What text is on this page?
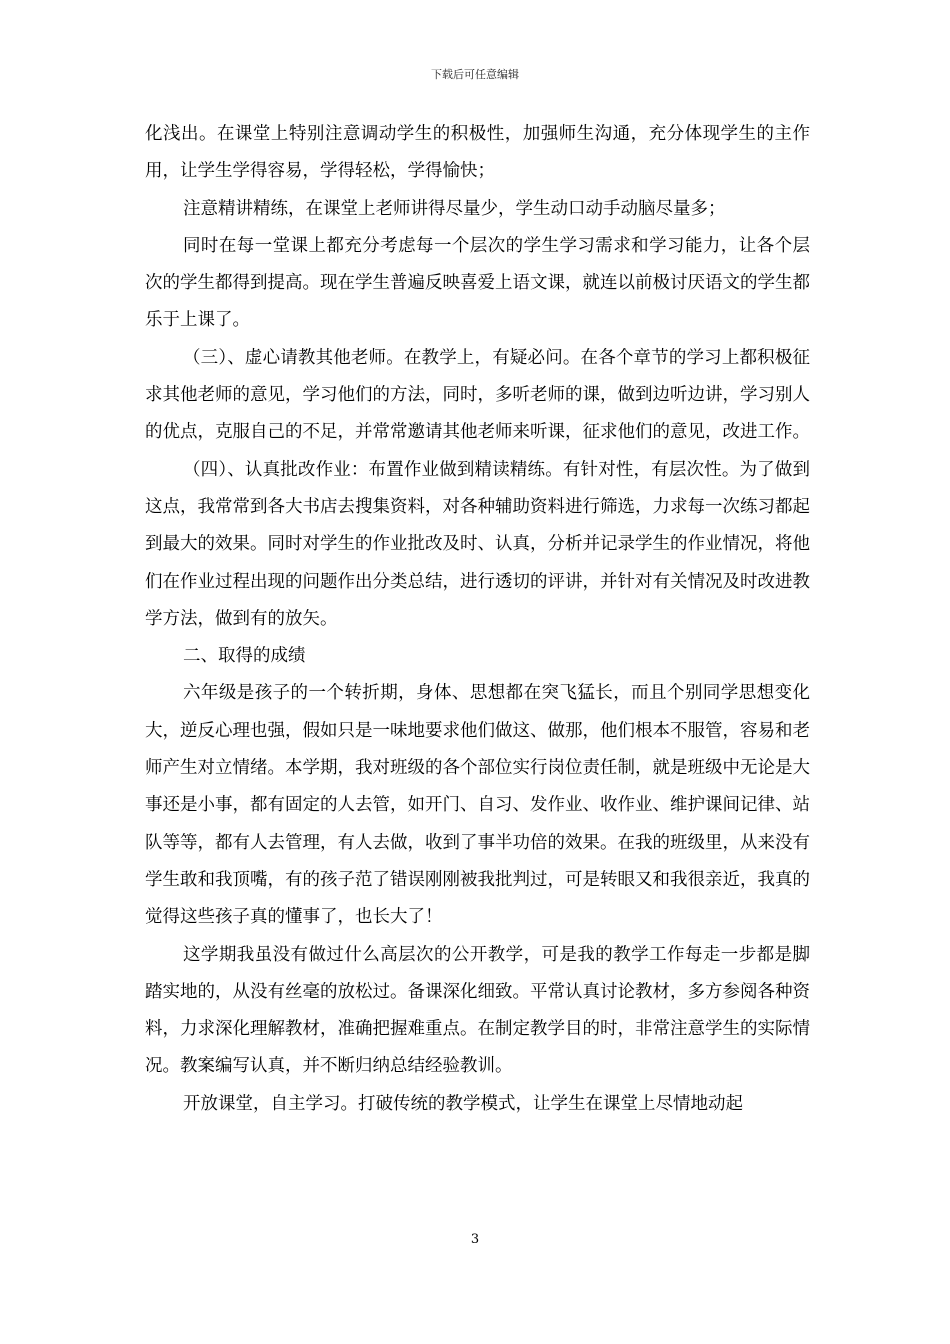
下载后可任意编辑

化浅出。在课堂上特别注意调动学生的积极性，加强师生沟通，充分体现学生的主作用，让学生学得容易，学得轻松，学得愉快；

注意精讲精练，在课堂上老师讲得尽量少，学生动口动手动脑尽量多；

同时在每一堂课上都充分考虑每一个层次的学生学习需求和学习能力，让各个层次的学生都得到提高。现在学生普遍反映喜爱上语文课，就连以前极讨厌语文的学生都乐于上课了。

（三）、虚心请教其他老师。在教学上，有疑必问。在各个章节的学习上都积极征求其他老师的意见，学习他们的方法，同时，多听老师的课，做到边听边讲，学习别人的优点，克服自己的不足，并常常邀请其他老师来听课，征求他们的意见，改进工作。

（四）、认真批改作业：布置作业做到精读精练。有针对性，有层次性。为了做到这点，我常常到各大书店去搜集资料，对各种辅助资料进行筛选，力求每一次练习都起到最大的效果。同时对学生的作业批改及时、认真，分析并记录学生的作业情况，将他们在作业过程出现的问题作出分类总结，进行透切的评讲，并针对有关情况及时改进教学方法，做到有的放矢。

二、取得的成绩

六年级是孩子的一个转折期，身体、思想都在突飞猛长，而且个别同学思想变化大，逆反心理也强，假如只是一味地要求他们做这、做那，他们根本不服管，容易和老师产生对立情绪。本学期，我对班级的各个部位实行岗位责任制，就是班级中无论是大事还是小事，都有固定的人去管，如开门、自习、发作业、收作业、维护课间记律、站队等等，都有人去管理，有人去做，收到了事半功倍的效果。在我的班级里，从来没有学生敢和我顶嘴，有的孩子范了错误刚刚被我批判过，可是转眼又和我很亲近，我真的觉得这些孩子真的懂事了，也长大了！

这学期我虽没有做过什么高层次的公开教学，可是我的教学工作每走一步都是脚踏实地的，从没有丝毫的放松过。备课深化细致。平常认真讨论教材，多方参阅各种资料，力求深化理解教材，准确把握难重点。在制定教学目的时，非常注意学生的实际情况。教案编写认真，并不断归纳总结经验教训。

开放课堂，自主学习。打破传统的教学模式，让学生在课堂上尽情地动起

3
